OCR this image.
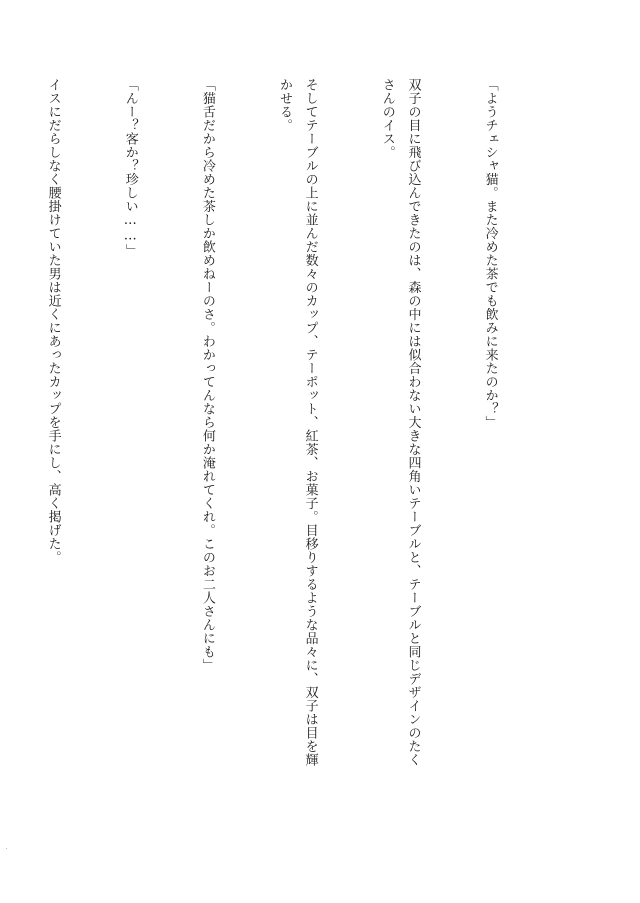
「ようチェシャ猫。また冷めた茶でも飲みに来たのか？」

双子の目に飛び込んできたのは、森の中には似合わない大きな四角いテーブルと、テーブルと同じデザインのたくさんのイス。

そしてテーブルの上に並んだ数々のカップ、テーポット、紅茶、お菓子。目移りするような品々に、双子は目を輝かせる。

「猫舌だから冷めた茶しか飲めねーのさ。わかってんなら何か淹れてくれ。このお二人さんにも」

「んー？客か？珍しい……」

イスにだらしなく腰掛けていた男は近くにあったカップを手にし、高く掲げた。
